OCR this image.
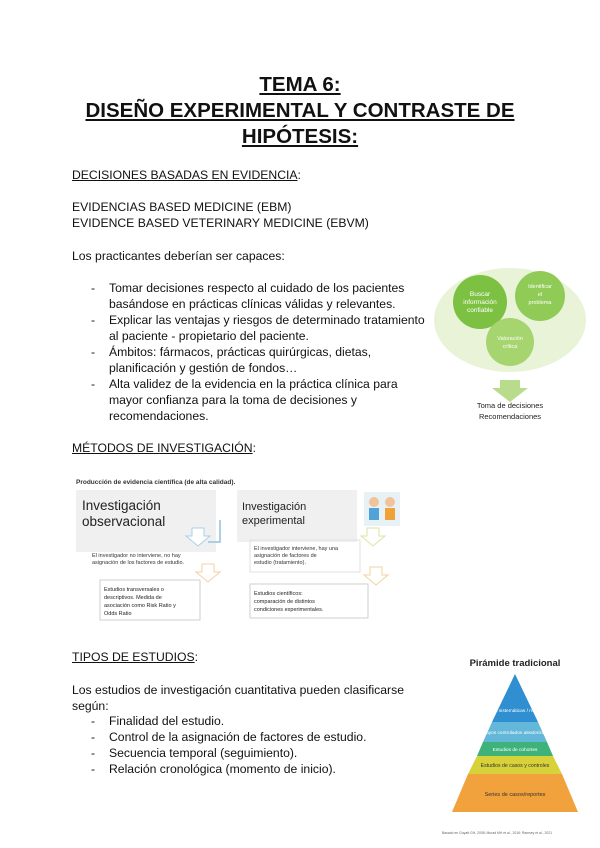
TEMA 6:
DISEÑO EXPERIMENTAL Y CONTRASTE DE
HIPÓTESIS:
DECISIONES BASADAS EN EVIDENCIA:
EVIDENCIAS BASED MEDICINE (EBM)
EVIDENCE BASED VETERINARY MEDICINE (EBVM)
Los practicantes deberían ser capaces:
- Tomar decisiones respecto al cuidado de los pacientes
basándose en prácticas clínicas válidas y relevantes.
- Explicar las ventajas y riesgos de determinado tratamiento
al paciente - propietario del paciente.
- Ámbitos: fármacos, prácticas quirúrgicas, dietas,
planificación y gestión de fondos…
- Alta validez de la evidencia en la práctica clínica para
mayor confianza para la toma de decisiones y
recomendaciones.
Buscar
información
confiable
Identificar
el
problema
Valoración
crítica
Toma de decisiones
Recomendaciones
MÉTODOS DE INVESTIGACIÓN:
Producción de evidencia científica (de alta calidad).
Investigación
observacional
Investigación
experimental
El investigador no interviene, no hay
asignación de los factores de estudio.
El investigador interviene, hay una
asignación de factores de
estudio (tratamiento).
Estudios transversales o
descriptivos. Medida de
asociación como Risk Ratio y
Odds Ratio
Estudios científicos:
comparación de distintos
condiciones experimentales.
TIPOS DE ESTUDIOS:
Los estudios de investigación cuantitativa pueden clasificarse
según:
- Finalidad del estudio.
- Control de la asignación de factores de estudio.
- Secuencia temporal (seguimiento).
- Relación cronológica (momento de inicio).
Pirámide tradicional
Revisiones sistemáticas / metaanálisis
Ensayos controlados aleatorizados
Estudios de cohortes
Estudios de casos y controles
Series de casos/reportes
Basado en Guyatt GH, 2008; Murad MH et al., 2016; Ramsey et al., 2021
